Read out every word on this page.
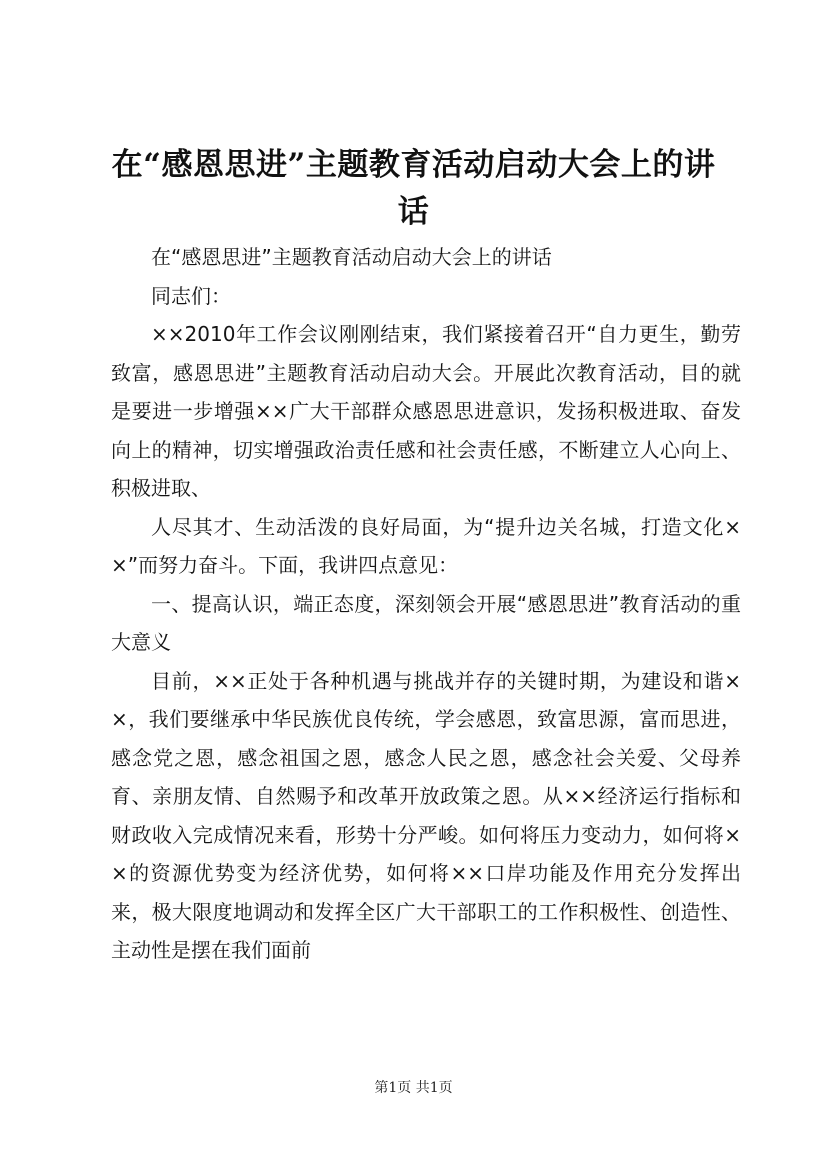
在“感恩思进”主题教育活动启动大会上的讲话

在“感恩思进”主题教育活动启动大会上的讲话

同志们：

××2010年工作会议刚刚结束，我们紧接着召开“自力更生，勤劳致富，感恩思进”主题教育活动启动大会。开展此次教育活动，目的就是要进一步增强××广大干部群众感恩思进意识，发扬积极进取、奋发向上的精神，切实增强政治责任感和社会责任感，不断建立人心向上、积极进取、

人尽其才、生动活泼的良好局面，为“提升边关名城，打造文化××”而努力奋斗。下面，我讲四点意见：

一、提高认识，端正态度，深刻领会开展“感恩思进”教育活动的重大意义

目前，××正处于各种机遇与挑战并存的关键时期，为建设和谐××，我们要继承中华民族优良传统，学会感恩，致富思源，富而思进，感念党之恩，感念祖国之恩，感念人民之恩，感念社会关爱、父母养育、亲朋友情、自然赐予和改革开放政策之恩。从××经济运行指标和财政收入完成情况来看，形势十分严峻。如何将压力变动力，如何将××的资源优势变为经济优势，如何将××口岸功能及作用充分发挥出来，极大限度地调动和发挥全区广大干部职工的工作积极性、创造性、主动性是摆在我们面前

第1页 共1页
